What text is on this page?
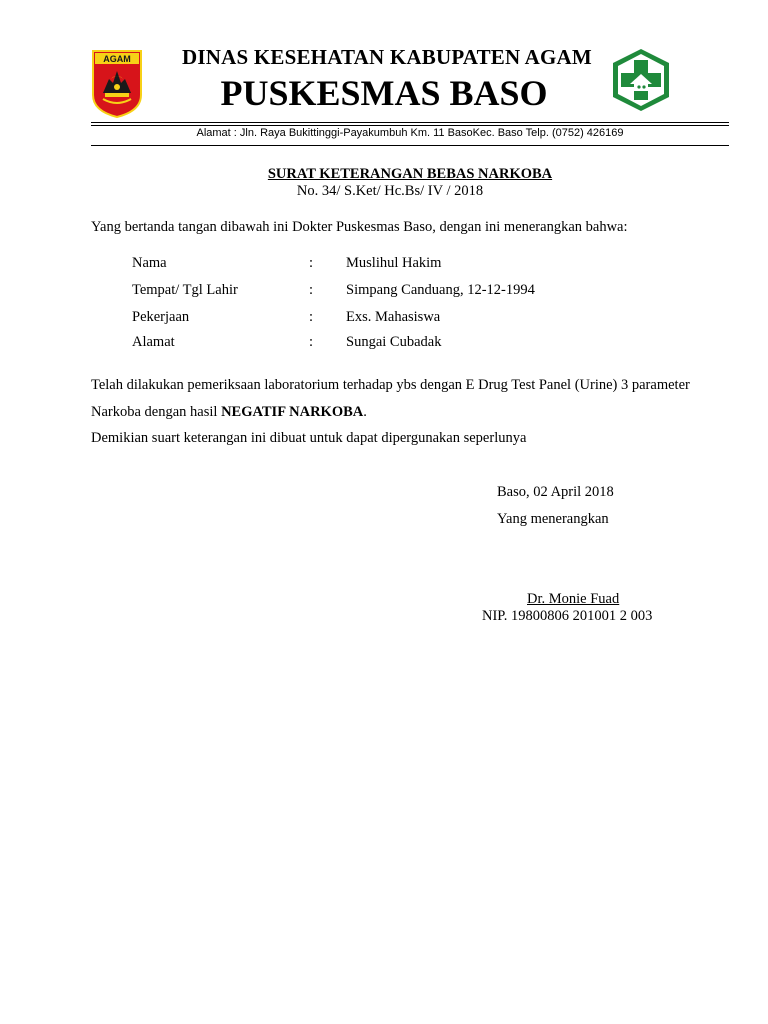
AGAM	DINAS KESEHATAN KABUPATEN AGAM
PUSKESMAS BASO
Alamat : Jln. Raya Bukittinggi-Payakumbuh Km. 11 BasoKec. Baso Telp. (0752) 426169
SURAT KETERANGAN BEBAS NARKOBA
No. 34/ S.Ket/ Hc.Bs/ IV / 2018
Yang bertanda tangan dibawah ini Dokter Puskesmas Baso, dengan ini menerangkan bahwa:
Nama	: Muslihul Hakim
Tempat/ Tgl Lahir	: Simpang Canduang, 12-12-1994
Pekerjaan	: Exs. Mahasiswa
Alamat	: Sungai Cubadak
Telah dilakukan pemeriksaan laboratorium terhadap ybs dengan E Drug Test Panel (Urine) 3 parameter
Narkoba dengan hasil NEGATIF NARKOBA.
Demikian suart keterangan ini dibuat untuk dapat dipergunakan seperlunya
Baso, 02 April 2018
Yang menerangkan
Dr. Monie Fuad
NIP. 19800806 201001 2 003
